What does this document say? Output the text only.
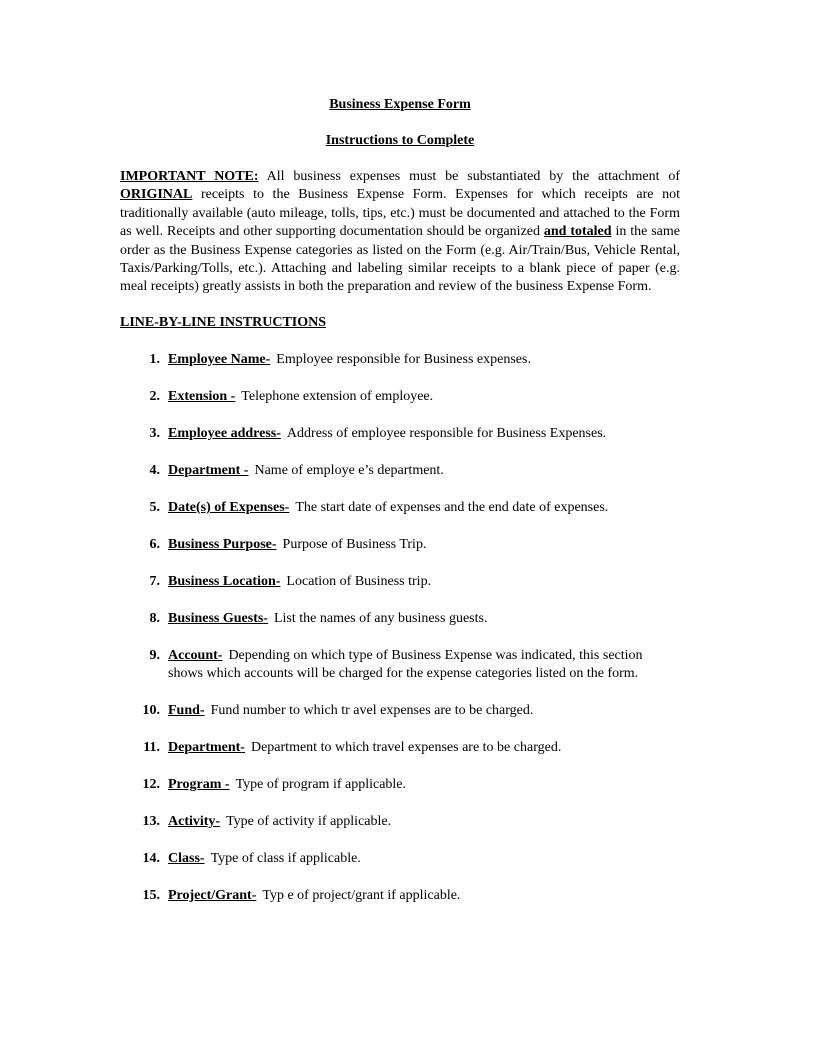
Business Expense Form
Instructions to Complete

IMPORTANT NOTE: All business expenses must be substantiated by the attachment of ORIGINAL receipts to the Business Expense Form. Expenses for which receipts are not traditionally available (auto mileage, tolls, tips, etc.) must be documented and attached to the Form as well. Receipts and other supporting documentation should be organized and totaled in the same order as the Business Expense categories as listed on the Form (e.g. Air/Train/Bus, Vehicle Rental, Taxis/Parking/Tolls, etc.). Attaching and labeling similar receipts to a blank piece of paper (e.g. meal receipts) greatly assists in both the preparation and review of the business Expense Form.

LINE-BY-LINE INSTRUCTIONS
1. Employee Name- Employee responsible for Business expenses.
2. Extension - Telephone extension of employee.
3. Employee address- Address of employee responsible for Business Expenses.
4. Department - Name of employe e’s department.
5. Date(s) of Expenses- The start date of expenses and the end date of expenses.
6. Business Purpose- Purpose of Business Trip.
7. Business Location- Location of Business trip.
8. Business Guests- List the names of any business guests.
9. Account- Depending on which type of Business Expense was indicated, this section shows which accounts will be charged for the expense categories listed on the form.
10. Fund- Fund number to which tr avel expenses are to be charged.
11. Department- Department to which travel expenses are to be charged.
12. Program - Type of program if applicable.
13. Activity- Type of activity if applicable.
14. Class- Type of class if applicable.
15. Project/Grant- Typ e of project/grant if applicable.
